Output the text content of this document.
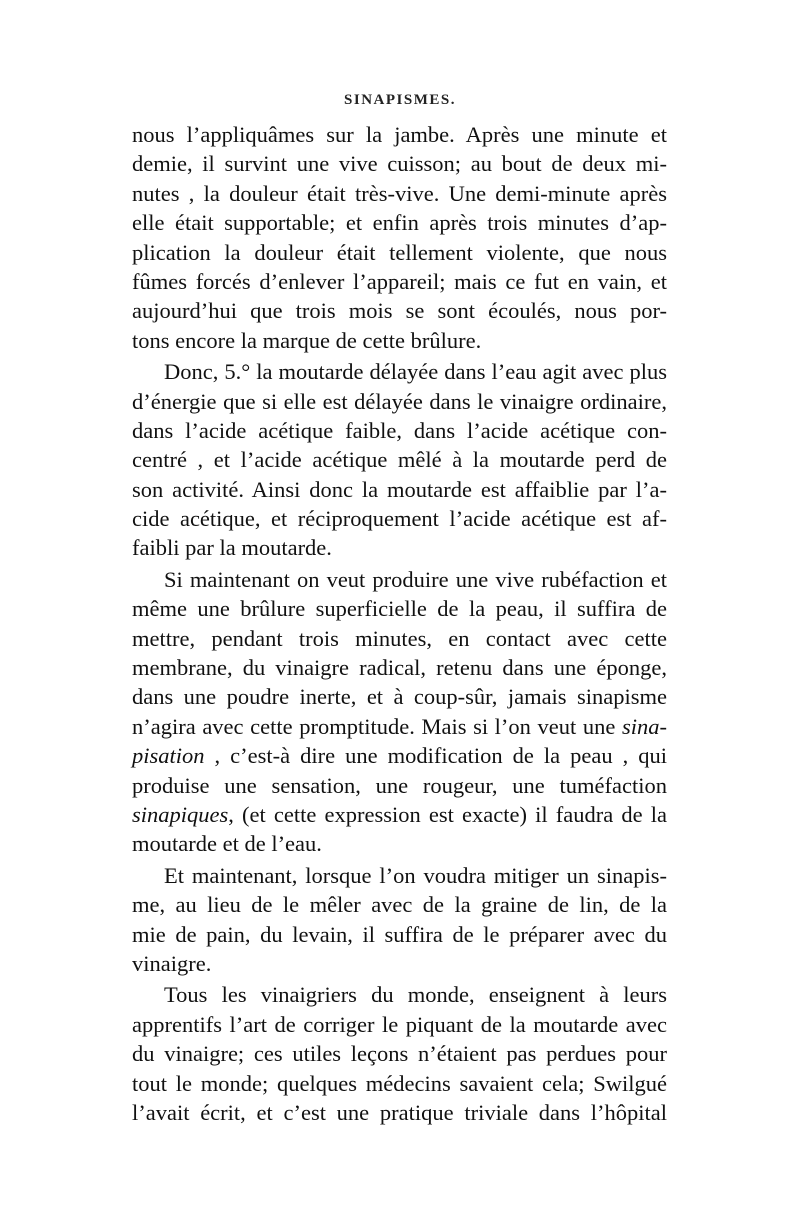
SINAPISMES.
nous l’appliquâmes sur la jambe. Après une minute et
demie, il survint une vive cuisson; au bout de deux mi-
nutes , la douleur était très-vive. Une demi-minute après
elle était supportable; et enfin après trois minutes d’ap-
plication la douleur était tellement violente, que nous
fûmes forcés d’enlever l’appareil; mais ce fut en vain, et
aujourd’hui que trois mois se sont écoulés, nous por-
tons encore la marque de cette brûlure.
Donc, 5.° la moutarde délayée dans l’eau agit avec plus
d’énergie que si elle est délayée dans le vinaigre ordinaire,
dans l’acide acétique faible, dans l’acide acétique con-
centré , et l’acide acétique mêlé à la moutarde perd de
son activité. Ainsi donc la moutarde est affaiblie par l’a-
cide acétique, et réciproquement l’acide acétique est af-
faibli par la moutarde.
Si maintenant on veut produire une vive rubéfaction et
même une brûlure superficielle de la peau, il suffira de
mettre, pendant trois minutes, en contact avec cette
membrane, du vinaigre radical, retenu dans une éponge,
dans une poudre inerte, et à coup-sûr, jamais sinapisme
n’agira avec cette promptitude. Mais si l’on veut une sina-
pisation , c’est-à dire une modification de la peau , qui
produise une sensation, une rougeur, une tuméfaction
sinapiques, (et cette expression est exacte) il faudra de la
moutarde et de l’eau.
Et maintenant, lorsque l’on voudra mitiger un sinapis-
me, au lieu de le mêler avec de la graine de lin, de la
mie de pain, du levain, il suffira de le préparer avec du
vinaigre.
Tous les vinaigriers du monde, enseignent à leurs
apprentifs l’art de corriger le piquant de la moutarde avec
du vinaigre; ces utiles leçons n’étaient pas perdues pour
tout le monde; quelques médecins savaient cela; Swilgué
l’avait écrit, et c’est une pratique triviale dans l’hôpital
